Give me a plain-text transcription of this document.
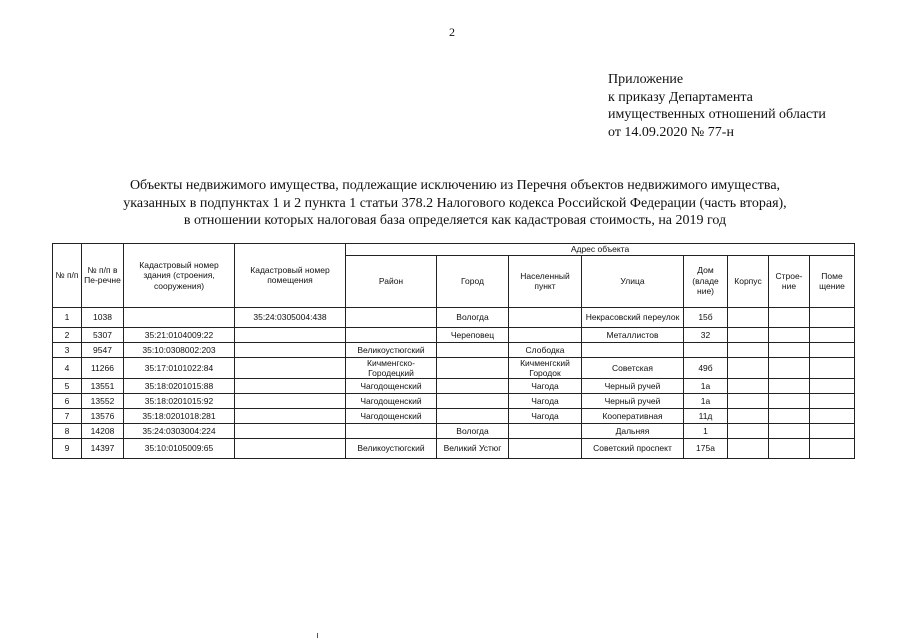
2
Приложение
к приказу Департамента
имущественных отношений области
от 14.09.2020 № 77-н
Объекты недвижимого имущества, подлежащие исключению из Перечня объектов недвижимого имущества,
указанных в подпунктах 1 и 2 пункта 1 статьи 378.2 Налогового кодекса Российской Федерации (часть вторая),
в отношении которых налоговая база определяется как кадастровая стоимость, на 2019 год
№ п/п	№ п/п в Пе-речне	Кадастровый номер здания (строения, сооружения)	Кадастровый номер помещения	Адрес объекта							
				Район	Город	Населенный пункт	Улица	Дом (владе ние)	Корпус	Строе-ние	Поме щение
1	1038		35:24:0305004:438		Вологда		Некрасовский переулок	15б			
2	5307	35:21:0104009:22			Череповец		Металлистов	32			
3	9547	35:10:0308002:203		Великоустюгский		Слободка					
4	11266	35:17:0101022:84		Кичменгско-Городецкий		Кичменгский Городок	Советская	49б			
5	13551	35:18:0201015:88		Чагодощенский		Чагода	Черный ручей	1а			
6	13552	35:18:0201015:92		Чагодощенский		Чагода	Черный ручей	1а			
7	13576	35:18:0201018:281		Чагодощенский		Чагода	Кооперативная	11д			
8	14208	35:24:0303004:224			Вологда		Дальняя	1			
9	14397	35:10:0105009:65		Великоустюгский	Великий Устюг		Советский проспект	175а			
